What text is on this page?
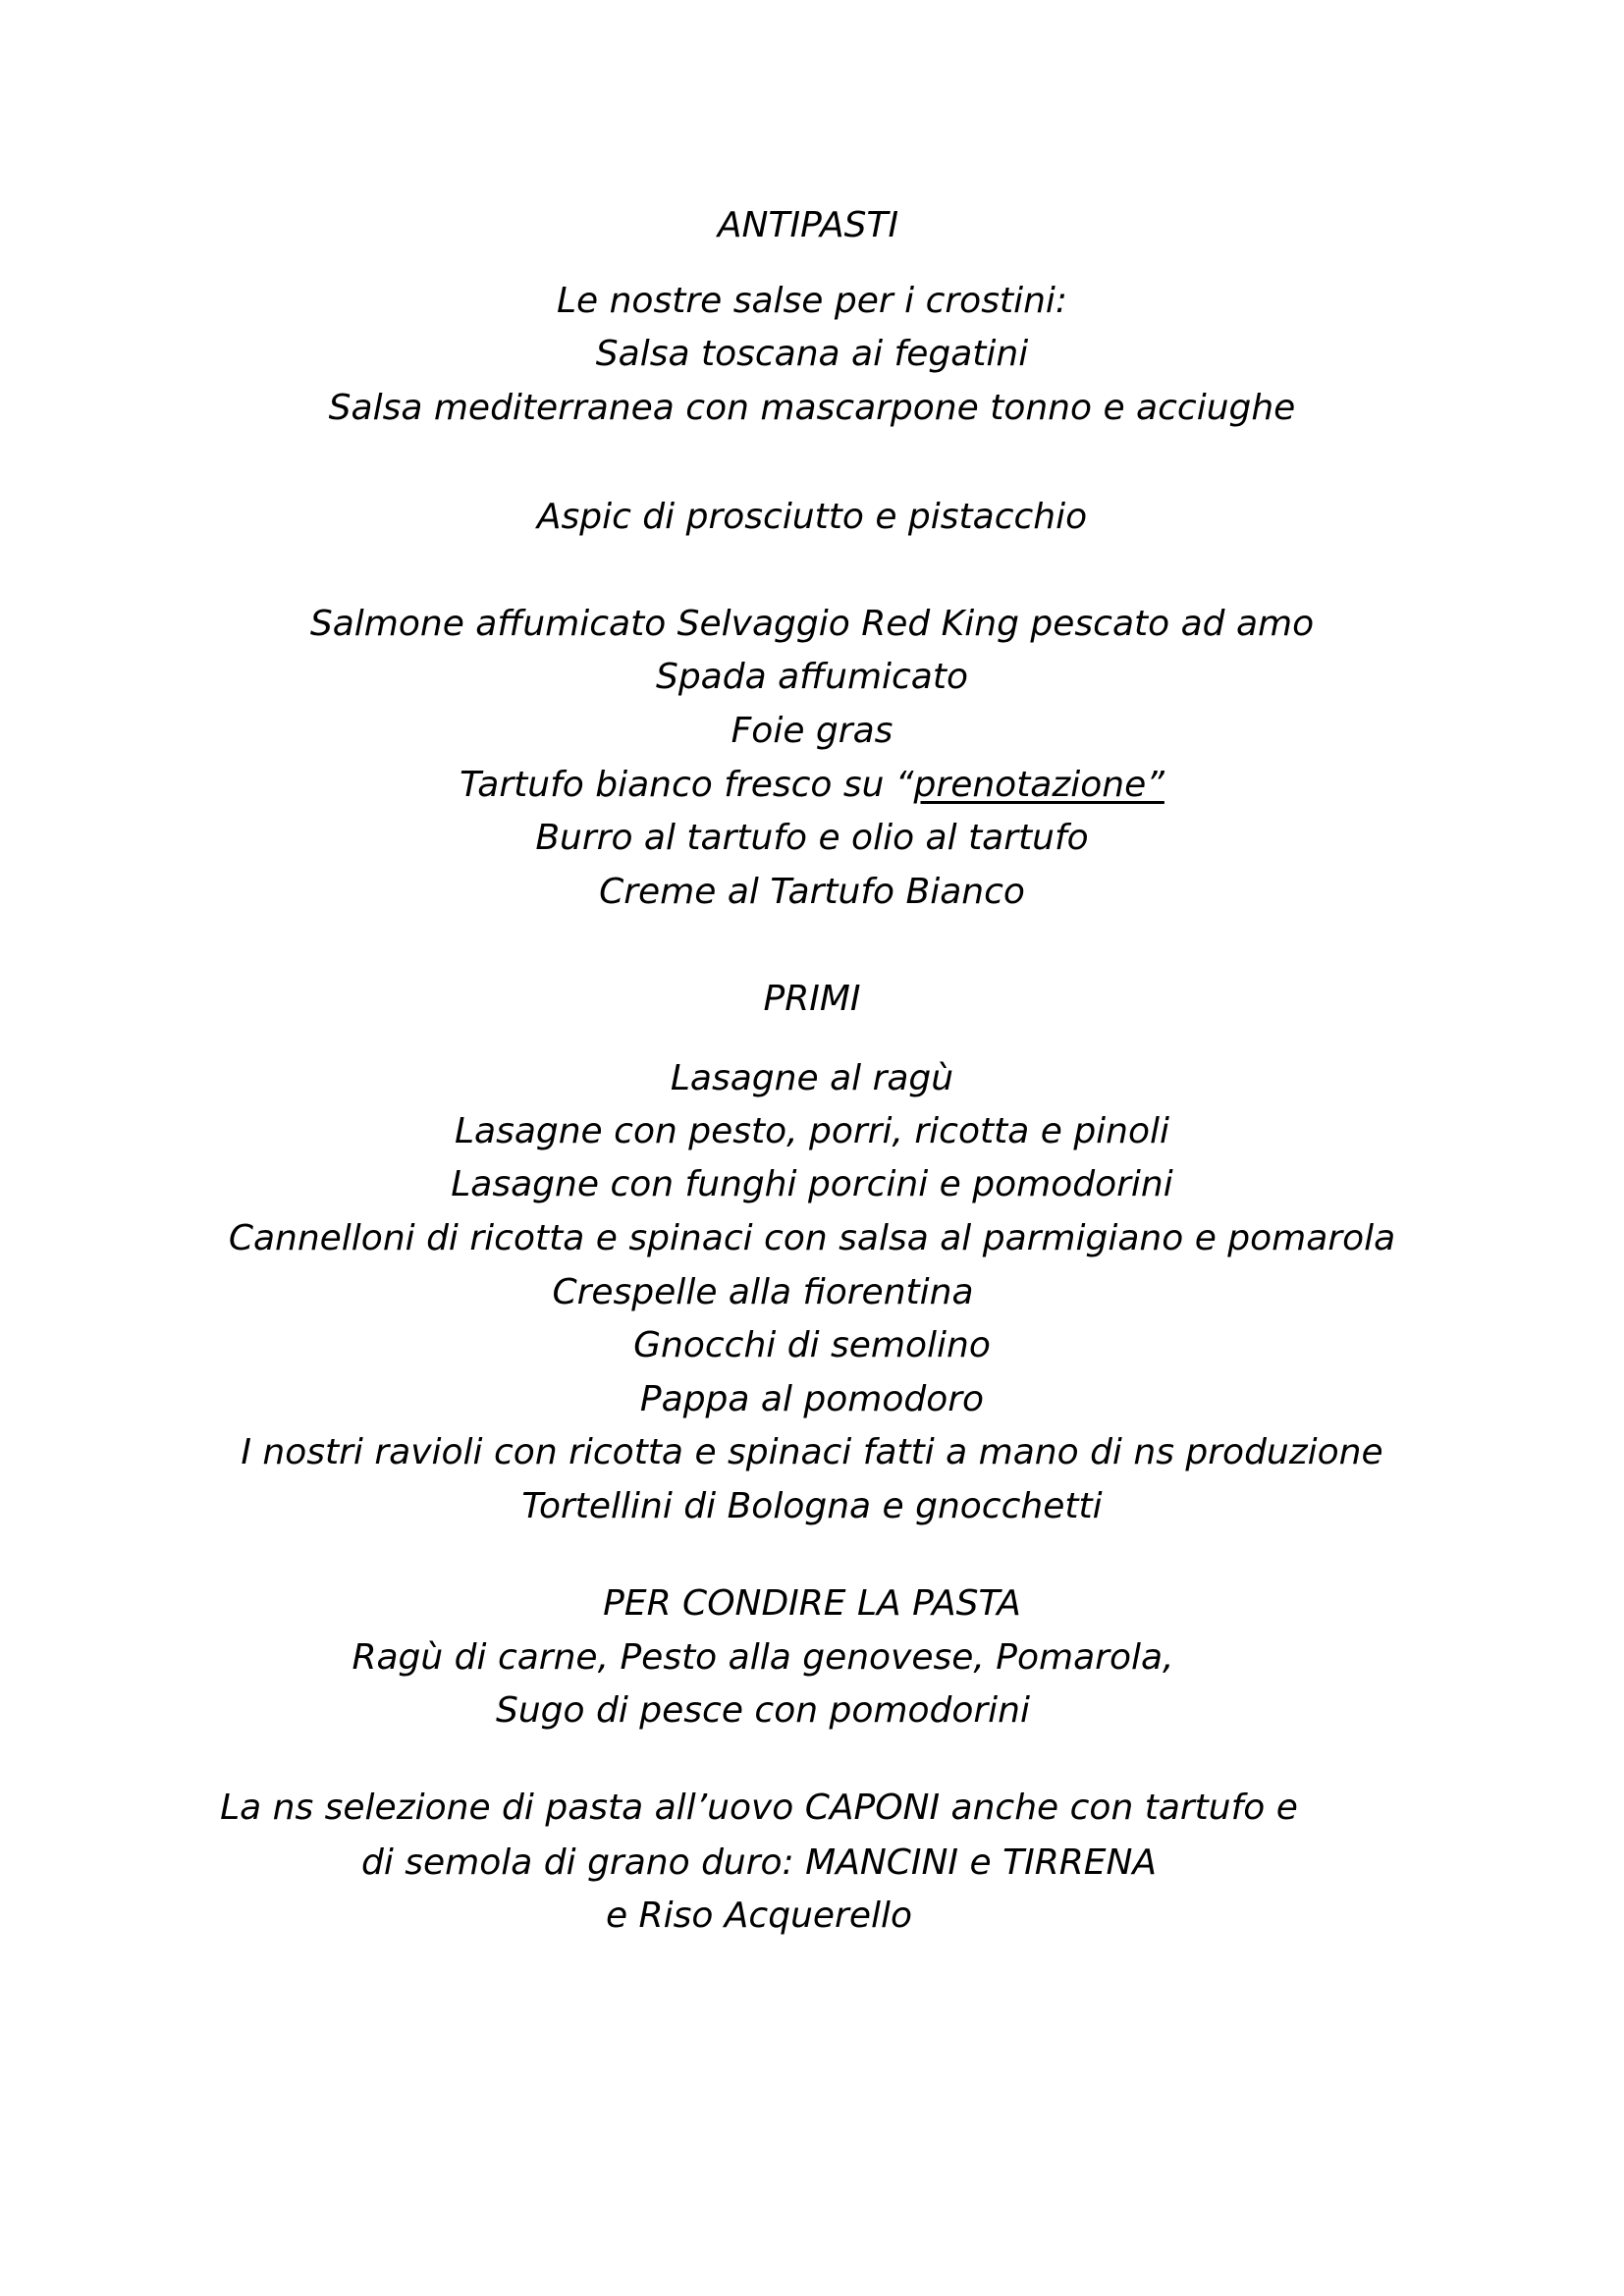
ANTIPASTI
Le nostre salse per i crostini:
Salsa toscana ai fegatini
Salsa mediterranea con mascarpone tonno e acciughe
Aspic di prosciutto e pistacchio
Salmone affumicato Selvaggio Red King pescato ad amo
Spada affumicato
Foie gras
Tartufo bianco fresco su “prenotazione”
Burro al tartufo e olio al tartufo
Creme al Tartufo Bianco
PRIMI
Lasagne al ragù
Lasagne con pesto, porri, ricotta e pinoli
Lasagne con funghi porcini e pomodorini
Cannelloni di ricotta e spinaci con salsa al parmigiano e pomarola
Crespelle alla fiorentina
Gnocchi di semolino
Pappa al pomodoro
I nostri ravioli con ricotta e spinaci fatti a mano di ns produzione
Tortellini di Bologna e gnocchetti
PER CONDIRE LA PASTA
Ragù di carne, Pesto alla genovese, Pomarola,
Sugo di pesce con pomodorini
La ns selezione di pasta all’uovo CAPONI anche con tartufo e
di semola di grano duro: MANCINI e TIRRENA
e Riso Acquerello
